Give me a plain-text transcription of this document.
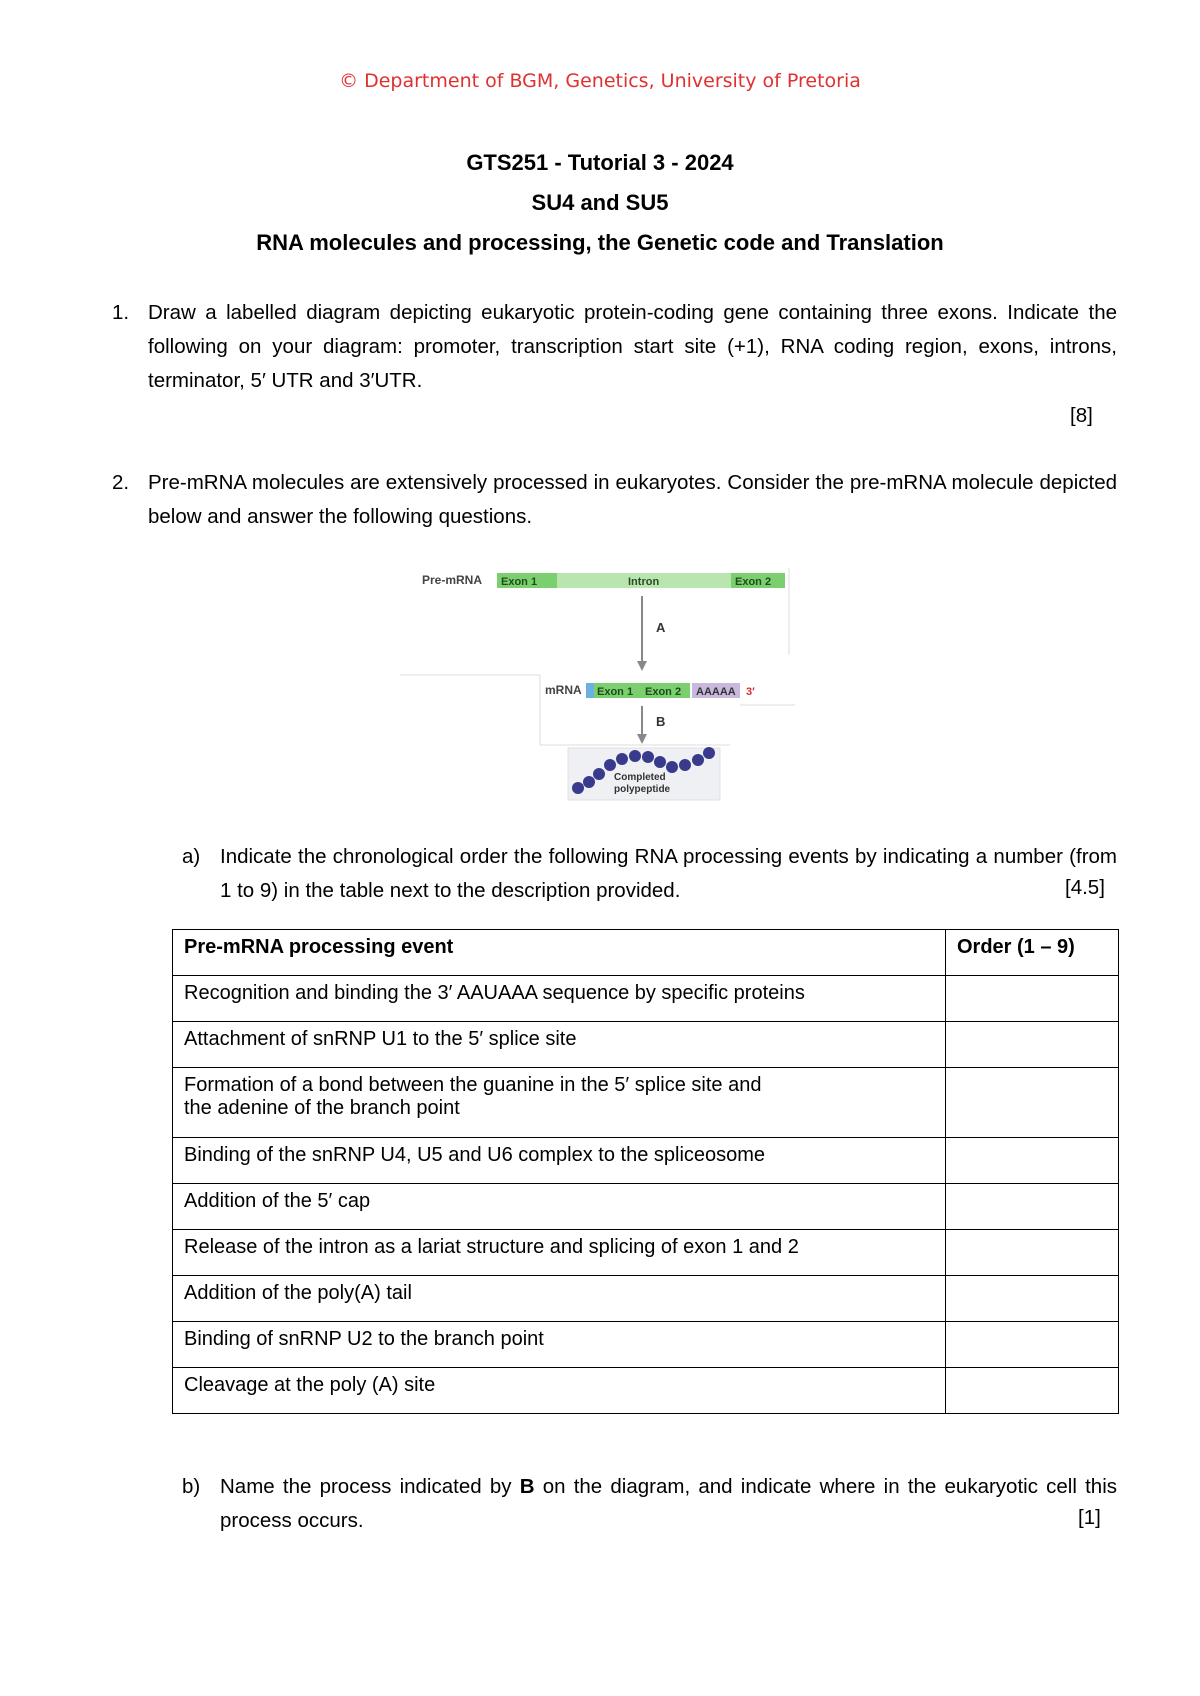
© Department of BGM, Genetics, University of Pretoria
GTS251 - Tutorial 3 - 2024
SU4 and SU5
RNA molecules and processing, the Genetic code and Translation
1. Draw a labelled diagram depicting eukaryotic protein-coding gene containing three exons. Indicate the following on your diagram: promoter, transcription start site (+1), RNA coding region, exons, introns, terminator, 5′ UTR and 3′UTR.
[8]
2. Pre-mRNA molecules are extensively processed in eukaryotes. Consider the pre-mRNA molecule depicted below and answer the following questions.
Pre-mRNA Exon 1	Intron	Exon 2
A
mRNA Exon 1 Exon 2 AAAAA 3′
B
Completed
polypeptide
a) Indicate the chronological order the following RNA processing events by indicating a number (from 1 to 9) in the table next to the description provided.	[4.5]
Pre-mRNA processing event	Order (1 – 9)
Recognition and binding the 3′ AAUAAA sequence by specific proteins	
Attachment of snRNP U1 to the 5′ splice site	

Formation of a bond between the guanine in the 5′ splice site and
the adenine of the branch point	

Binding of the snRNP U4, U5 and U6 complex to the spliceosome	
Addition of the 5′ cap	
Release of the intron as a lariat structure and splicing of exon 1 and 2	
Addition of the poly(A) tail	
Binding of snRNP U2 to the branch point	
Cleavage at the poly (A) site	
b) Name the process indicated by B on the diagram, and indicate where in the eukaryotic cell this process occurs.	[1]
